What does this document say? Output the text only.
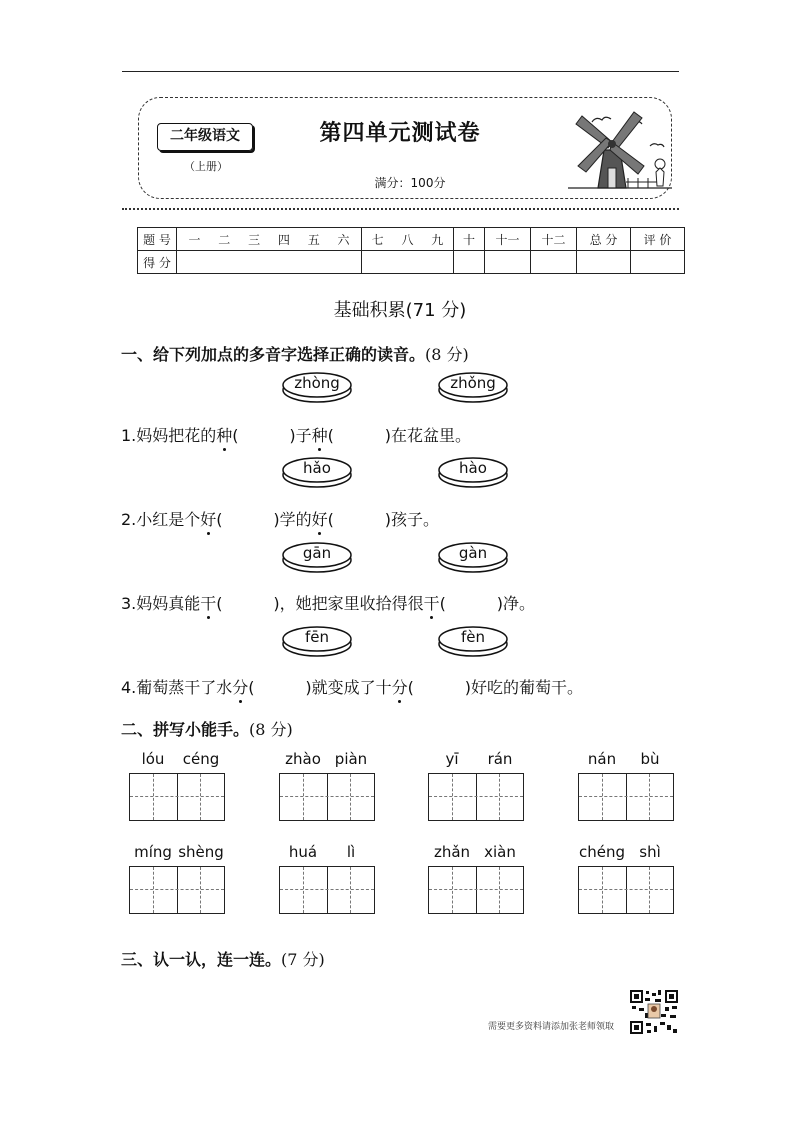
二年级语文
（上册）
第四单元测试卷
满分：100分
题 号	一 二 三 四 五 六	七 八 九	十	十一	十二	总 分	评 价
得 分							
基础积累(71 分)
一、给下列加点的多音字选择正确的读音。(8 分)
zhòng	zhǒng
1.妈妈把花的种(          )子种(          )在花盆里。
hǎo	hào
2.小红是个好(          )学的好(          )孩子。
gān	gàn
3.妈妈真能干(          )，她把家里收拾得很干(          )净。
fēn	fèn
4.葡萄蒸干了水分(          )就变成了十分(          )好吃的葡萄干。
二、拼写小能手。(8 分)
lóu	céng	zhào piàn	yī	rán	nán	bù
míng shèng	huá	lì	zhǎn xiàn	chéng shì
三、认一认，连一连。(7 分)
需要更多资料请添加张老师领取
